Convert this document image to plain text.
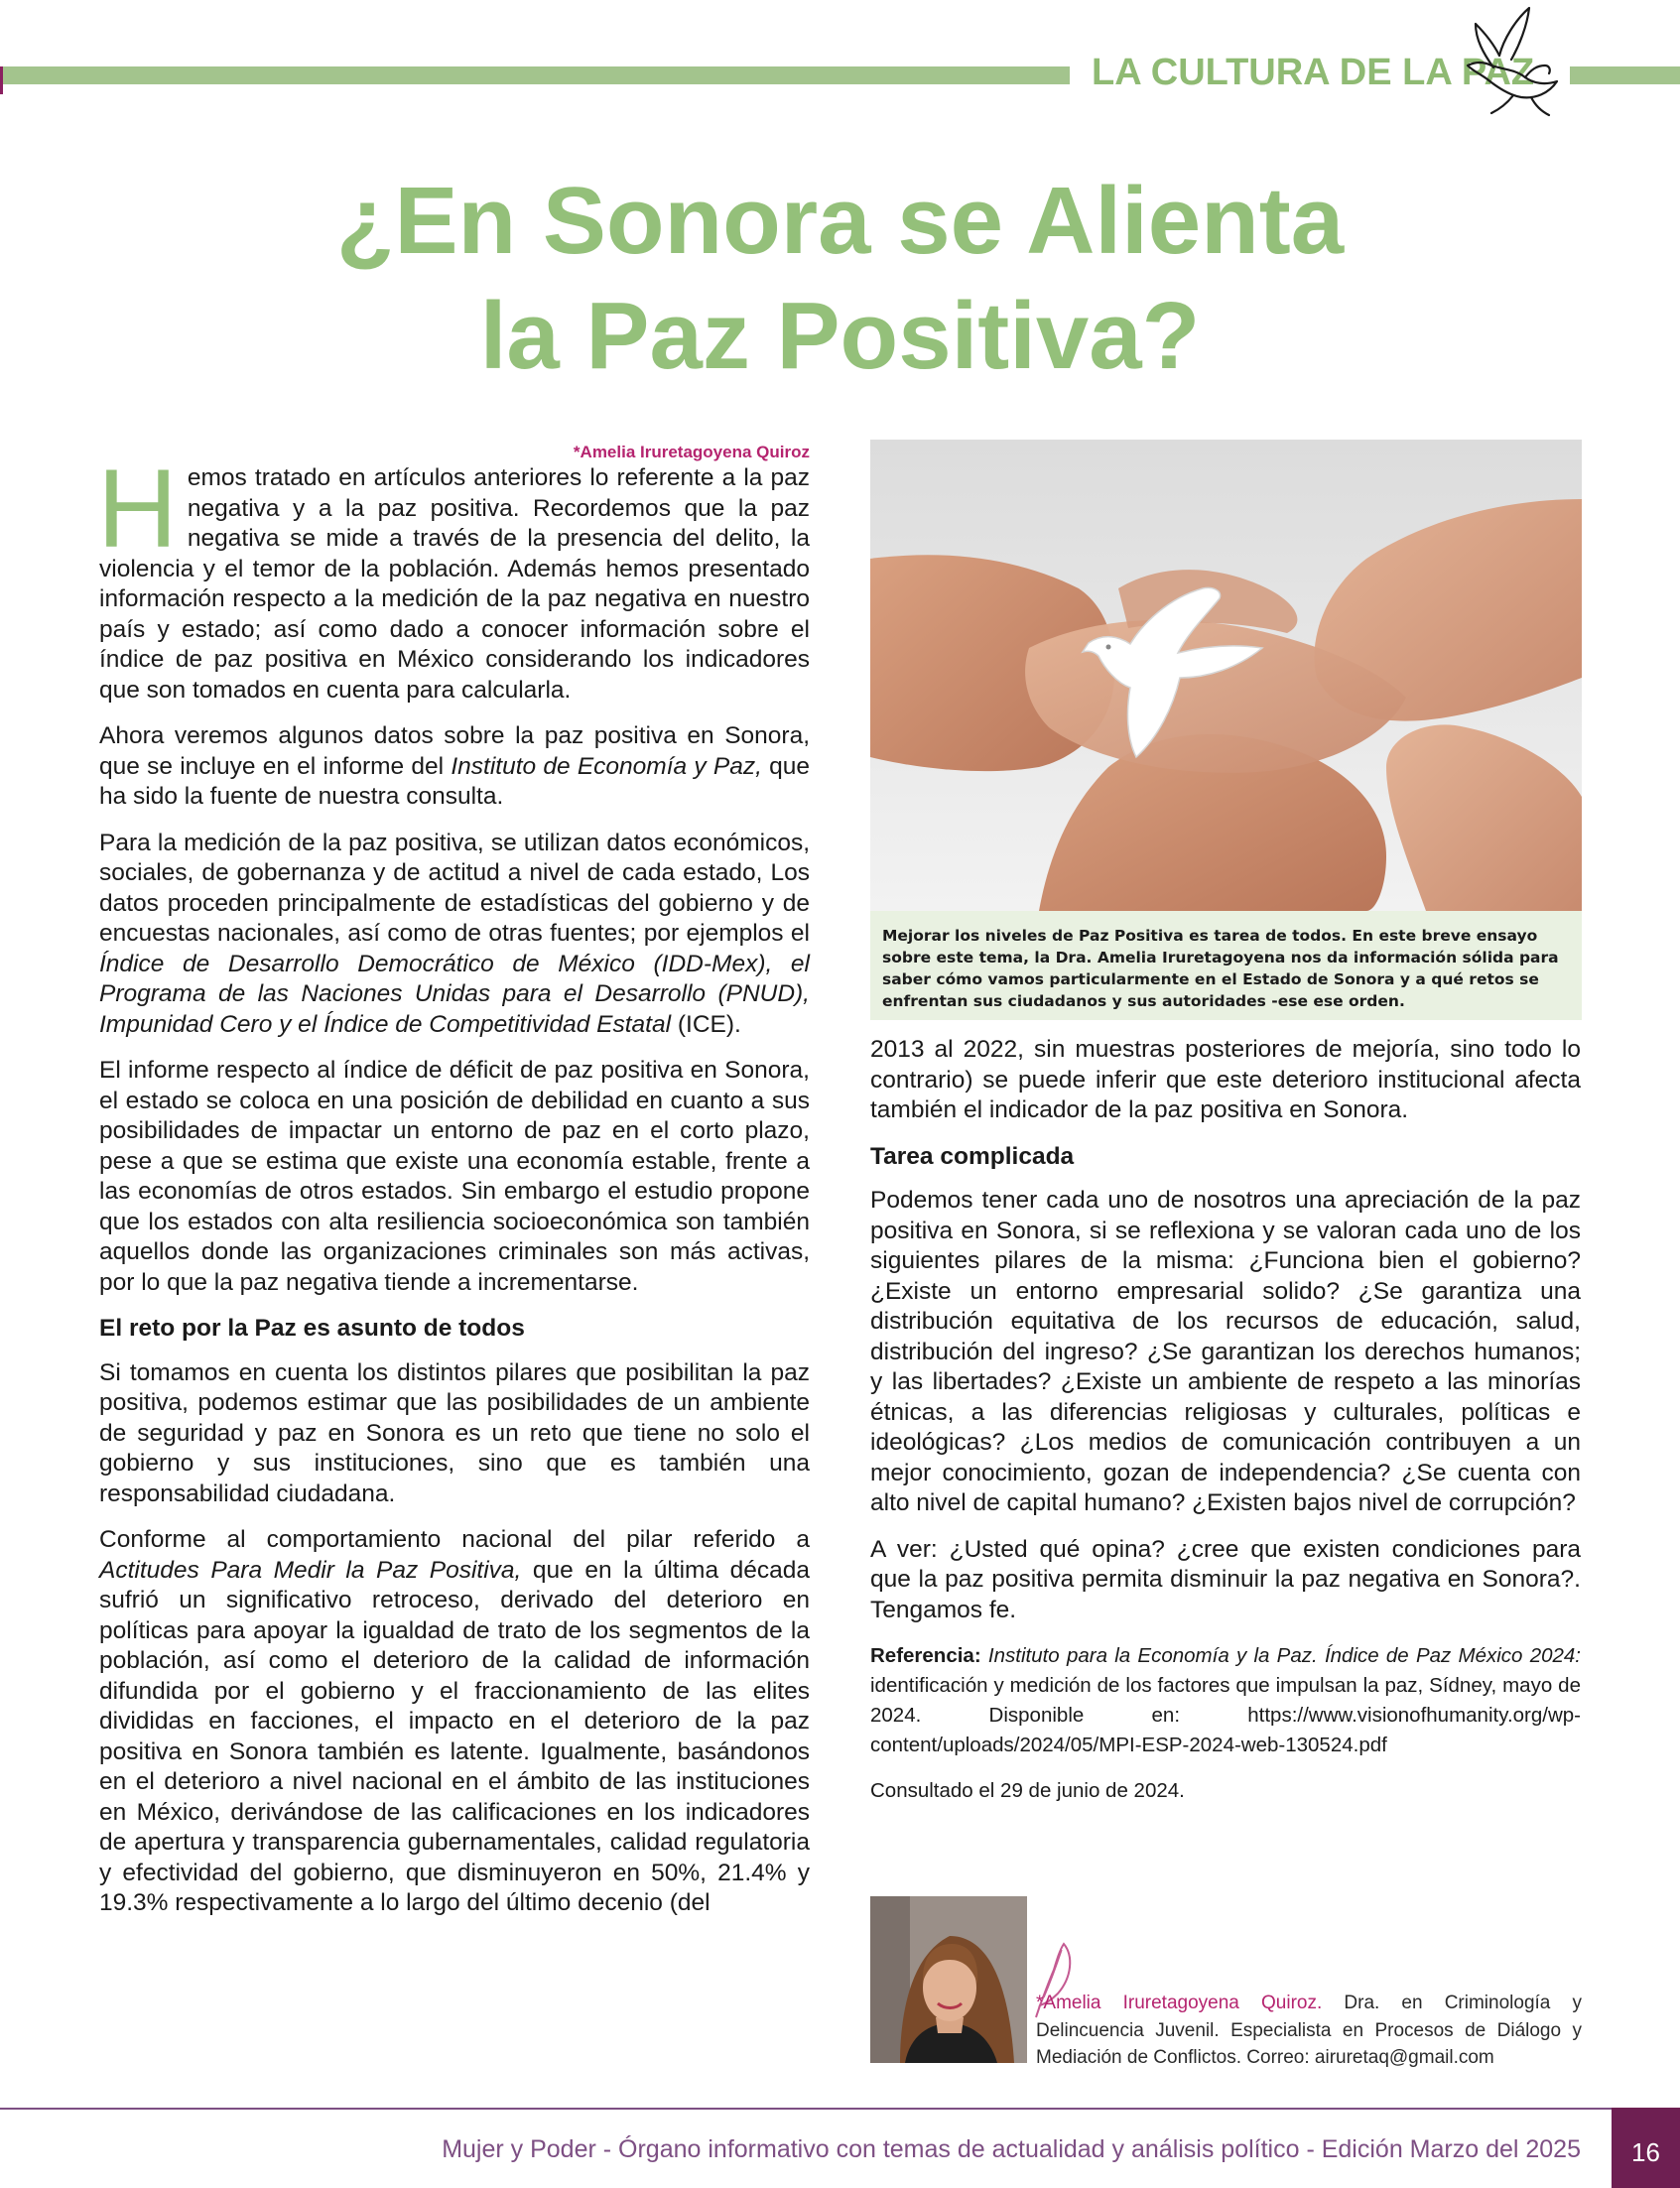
LA CULTURA DE LA PAZ
¿En Sonora se Alienta
la Paz Positiva?
*Amelia Iruretagoyena Quiroz

Hemos tratado en artículos anteriores lo referente a la paz negativa y a la paz positiva. Recordemos que la paz negativa se mide a través de la presencia del delito, la violencia y el temor de la población. Además hemos presentado información respecto a la medición de la paz negativa en nuestro país y estado; así como dado a conocer información sobre el índice de paz positiva en México considerando los indicadores que son tomados en cuenta para calcularla.

Ahora veremos algunos datos sobre la paz positiva en Sonora, que se incluye en el informe del Instituto de Economía y Paz, que ha sido la fuente de nuestra consulta.

Para la medición de la paz positiva, se utilizan datos económicos, sociales, de gobernanza y de actitud a nivel de cada estado, Los datos proceden principalmente de estadísticas del gobierno y de encuestas nacionales, así como de otras fuentes; por ejemplos el Índice de Desarrollo Democrático de México (IDD-Mex), el Programa de las Naciones Unidas para el Desarrollo (PNUD), Impunidad Cero y el Índice de Competitividad Estatal (ICE).

El informe respecto al índice de déficit de paz positiva en Sonora, el estado se coloca en una posición de debilidad en cuanto a sus posibilidades de impactar un entorno de paz en el corto plazo, pese a que se estima que existe una economía estable, frente a las economías de otros estados. Sin embargo el estudio propone que los estados con alta resiliencia socioeconómica son también aquellos donde las organizaciones criminales son más activas, por lo que la paz negativa tiende a incrementarse.

El reto por la Paz es asunto de todos

Si tomamos en cuenta los distintos pilares que posibilitan la paz positiva, podemos estimar que las posibilidades de un ambiente de seguridad y paz en Sonora es un reto que tiene no solo el gobierno y sus instituciones, sino que es también una responsabilidad ciudadana.

Conforme al comportamiento nacional del pilar referido a Actitudes Para Medir la Paz Positiva, que en la última década sufrió un significativo retroceso, derivado del deterioro en políticas para apoyar la igualdad de trato de los segmentos de la población, así como el deterioro de la calidad de información difundida por el gobierno y el fraccionamiento de las elites divididas en facciones, el impacto en el deterioro de la paz positiva en Sonora también es latente. Igualmente, basándonos en el deterioro a nivel nacional en el ámbito de las instituciones en México, derivándose de las calificaciones en los indicadores de apertura y transparencia gubernamentales, calidad regulatoria y efectividad del gobierno, que disminuyeron en 50%, 21.4% y 19.3% respectivamente a lo largo del último decenio (del

Mejorar los niveles de Paz Positiva es tarea de todos. En este breve ensayo sobre este tema, la Dra. Amelia Iruretagoyena nos da información sólida para saber cómo vamos particularmente en el Estado de Sonora y a qué retos se enfrentan sus ciudadanos y sus autoridades -ese ese orden.

2013 al 2022, sin muestras posteriores de mejoría, sino todo lo contrario) se puede inferir que este deterioro institucional afecta también el indicador de la paz positiva en Sonora.

Tarea complicada

Podemos tener cada uno de nosotros una apreciación de la paz positiva en Sonora, si se reflexiona y se valoran cada uno de los siguientes pilares de la misma: ¿Funciona bien el gobierno? ¿Existe un entorno empresarial solido? ¿Se garantiza una distribución equitativa de los recursos de educación, salud, distribución del ingreso? ¿Se garantizan los derechos humanos; y las libertades? ¿Existe un ambiente de respeto a las minorías étnicas, a las diferencias religiosas y culturales, políticas e ideológicas? ¿Los medios de comunicación contribuyen a un mejor conocimiento, gozan de independencia? ¿Se cuenta con alto nivel de capital humano? ¿Existen bajos nivel de corrupción?

A ver: ¿Usted qué opina? ¿cree que existen condiciones para que la paz positiva permita disminuir la paz negativa en Sonora?. Tengamos fe.

Referencia: Instituto para la Economía y la Paz. Índice de Paz México 2024: identificación y medición de los factores que impulsan la paz, Sídney, mayo de 2024. Disponible en: https://www.visionofhumanity.org/wp-content/uploads/2024/05/MPI-ESP-2024-web-130524.pdf

Consultado el 29 de junio de 2024.

*Amelia Iruretagoyena Quiroz. Dra. en Criminología y Delincuencia Juvenil. Especialista en Procesos de Diálogo y Mediación de Conflictos. Correo: airuretaq@gmail.com
Mujer y Poder - Órgano informativo con temas de actualidad y análisis político - Edición Marzo del 2025	16
